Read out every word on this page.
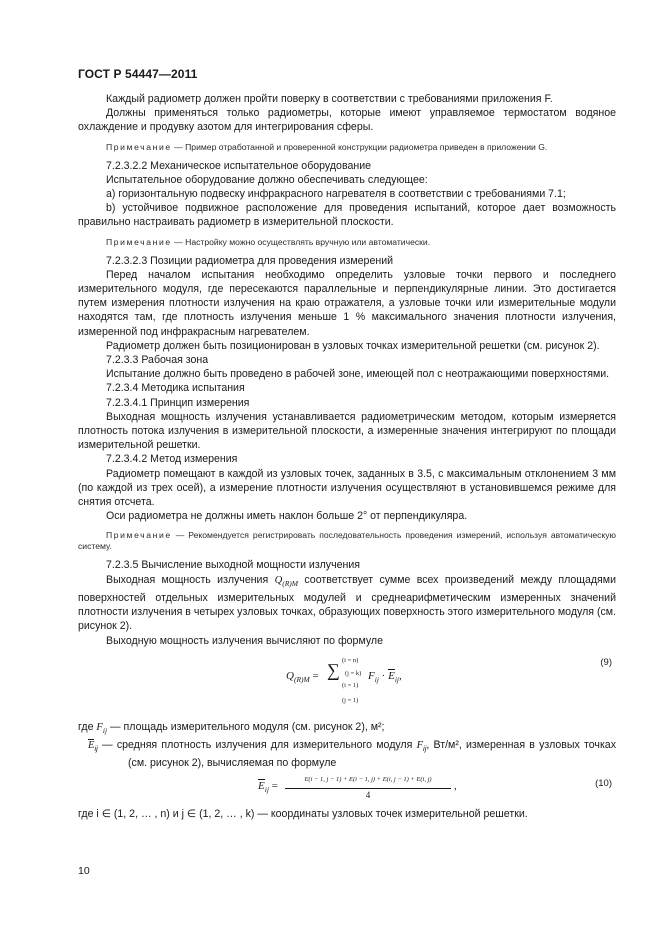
ГОСТ Р 54447—2011

Каждый радиометр должен пройти поверку в соответствии с требованиями приложения F.

Должны применяться только радиометры, которые имеют управляемое термостатом водяное охлаждение и продувку азотом для интегрирования сферы.

Примечание — Пример отработанной и проверенной конструкции радиометра приведен в приложении G.

7.2.3.2.2 Механическое испытательное оборудование

Испытательное оборудование должно обеспечивать следующее:

a) горизонтальную подвеску инфракрасного нагревателя в соответствии с требованиями 7.1;

b) устойчивое подвижное расположение для проведения испытаний, которое дает возможность правильно настраивать радиометр в измерительной плоскости.

Примечание — Настройку можно осуществлять вручную или автоматически.

7.2.3.2.3 Позиции радиометра для проведения измерений

Перед началом испытания необходимо определить узловые точки первого и последнего измерительного модуля, где пересекаются параллельные и перпендикулярные линии. Это достигается путем измерения плотности излучения на краю отражателя, а узловые точки или измерительные модули находятся там, где плотность излучения меньше 1 % максимального значения плотности излучения, измеренной под инфракрасным нагревателем.

Радиометр должен быть позиционирован в узловых точках измерительной решетки (см. рисунок 2).

7.2.3.3 Рабочая зона

Испытание должно быть проведено в рабочей зоне, имеющей пол с неотражающими поверхностями.

7.2.3.4 Методика испытания

7.2.3.4.1 Принцип измерения

Выходная мощность излучения устанавливается радиометрическим методом, которым измеряется плотность потока излучения в измерительной плоскости, а измеренные значения интегрируют по площади измерительной решетки.

7.2.3.4.2 Метод измерения

Радиометр помещают в каждой из узловых точек, заданных в 3.5, с максимальным отклонением 3 мм (по каждой из трех осей), а измерение плотности излучения осуществляют в установившемся режиме для снятия отсчета.

Оси радиометра не должны иметь наклон больше 2° от перпендикуляра.

Примечание — Рекомендуется регистрировать последовательность проведения измерений, используя автоматическую систему.

7.2.3.5 Вычисление выходной мощности излучения

Выходная мощность излучения $Q_{(R)M}$ соответствует сумме всех произведений между площадями поверхностей отдельных измерительных модулей и среднеарифметическим измеренных значений плотности излучения в четырех узловых точках, образующих поверхность этого измерительного модуля (см. рисунок 2).

Выходную мощность излучения вычисляют по формуле

(i = n)
(j = k)
(i = 1)
(j = 1)
$Q_{(R)M}$ = ∑	$F_{ij} \cdot E_{ij}$,
(9)

где $F_{ij}$ — площадь измерительного модуля (см. рисунок 2), м²;

$E_{ij}$ — средняя плотность излучения для измерительного модуля $F_{ij}$, Вт/м², измеренная в узловых точках (см. рисунок 2), вычисляемая по формуле

$E_{ij}$ =
E(i − 1, j − 1) + E(i − 1, j) + E(i, j − 1) + E(i, j)
4
,	(10)

где i ∈ (1, 2, … , n) и j ∈ (1, 2, … , k) — координаты узловых точек измерительной решетки.

10
